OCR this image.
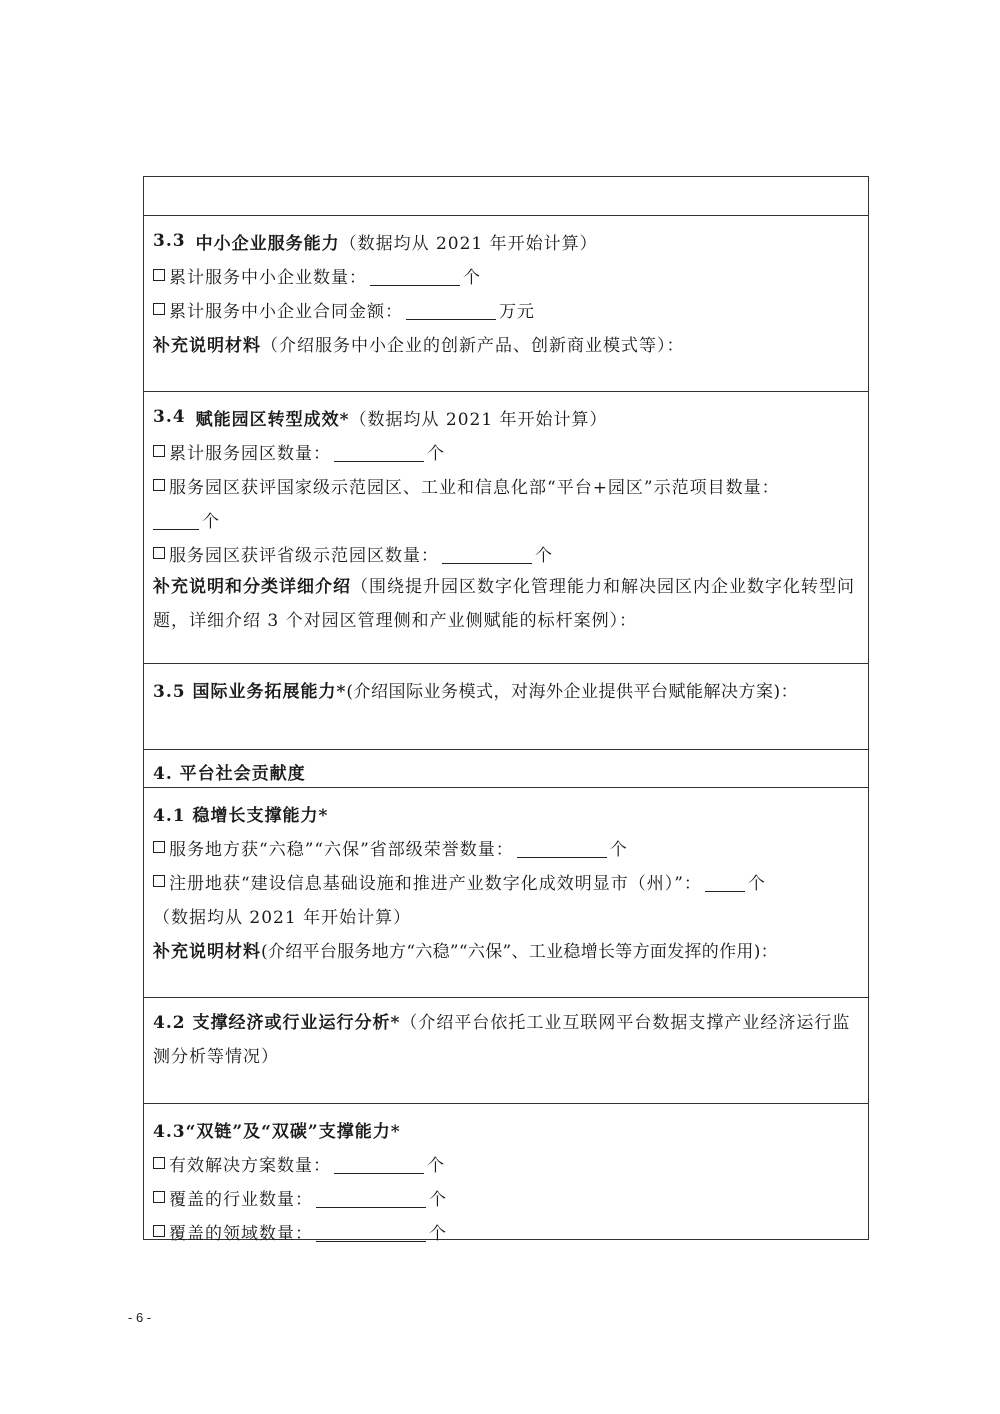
3.3 中小企业服务能力 （数据均从 2021 年开始计算）
累计服务中小企业数量：	个
累计服务中小企业合同金额：	万元
补充说明材料 （介绍服务中小企业的创新产品、创新商业模式等）：
3.4 赋能园区转型成效* （数据均从 2021 年开始计算）
累计服务园区数量：	个
服务园区获评国家级示范园区、工业和信息化部“平台+园区”示范项目数量：
个
服务园区获评省级示范园区数量：	个
补充说明和分类详细介绍（围绕提升园区数字化管理能力和解决园区内企业数字化转型问题，详细介绍 3 个对园区管理侧和产业侧赋能的标杆案例）：
3.5 国际业务拓展能力* (介绍国际业务模式，对海外企业提供平台赋能解决方案)：
4. 平台社会贡献度
4.1 稳增长支撑能力*
服务地方获“六稳”“六保”省部级荣誉数量：	个
注册地获“建设信息基础设施和推进产业数字化成效明显市（州）”：	个
（数据均从 2021 年开始计算）
补充说明材料 (介绍平台服务地方“六稳”“六保”、工业稳增长等方面发挥的作用)：
4.2 支撑经济或行业运行分析*（介绍平台依托工业互联网平台数据支撑产业经济运行监测分析等情况）
4.3“双链”及“双碳”支撑能力*
有效解决方案数量：	个
覆盖的行业数量：	个
覆盖的领域数量：	个
- 6 -
